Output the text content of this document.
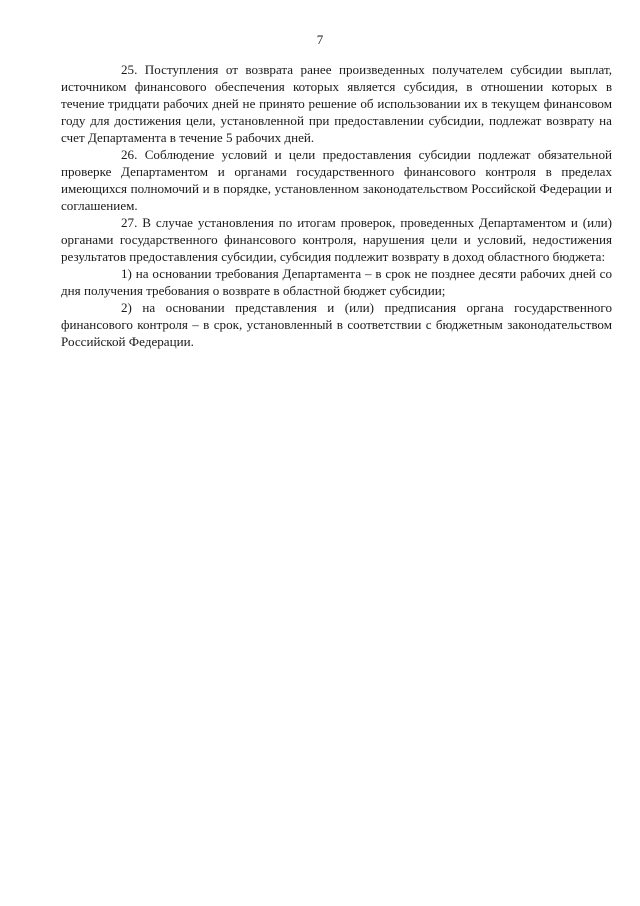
7

25. Поступления от возврата ранее произведенных получателем субсидии выплат, источником финансового обеспечения которых является субсидия, в отношении которых в течение тридцати рабочих дней не принято решение об использовании их в текущем финансовом году для достижения цели, установленной при предоставлении субсидии, подлежат возврату на счет Департамента в течение 5 рабочих дней.

26. Соблюдение условий и цели предоставления субсидии подлежат обязательной проверке Департаментом и органами государственного финансового контроля в пределах имеющихся полномочий и в порядке, установленном законодательством Российской Федерации и соглашением.

27. В случае установления по итогам проверок, проведенных Департаментом и (или) органами государственного финансового контроля, нарушения цели и условий, недостижения результатов предоставления субсидии, субсидия подлежит возврату в доход областного бюджета:

1) на основании требования Департамента – в срок не позднее десяти рабочих дней со дня получения требования о возврате в областной бюджет субсидии;

2) на основании представления и (или) предписания органа государственного финансового контроля – в срок, установленный в соответствии с бюджетным законодательством Российской Федерации.
